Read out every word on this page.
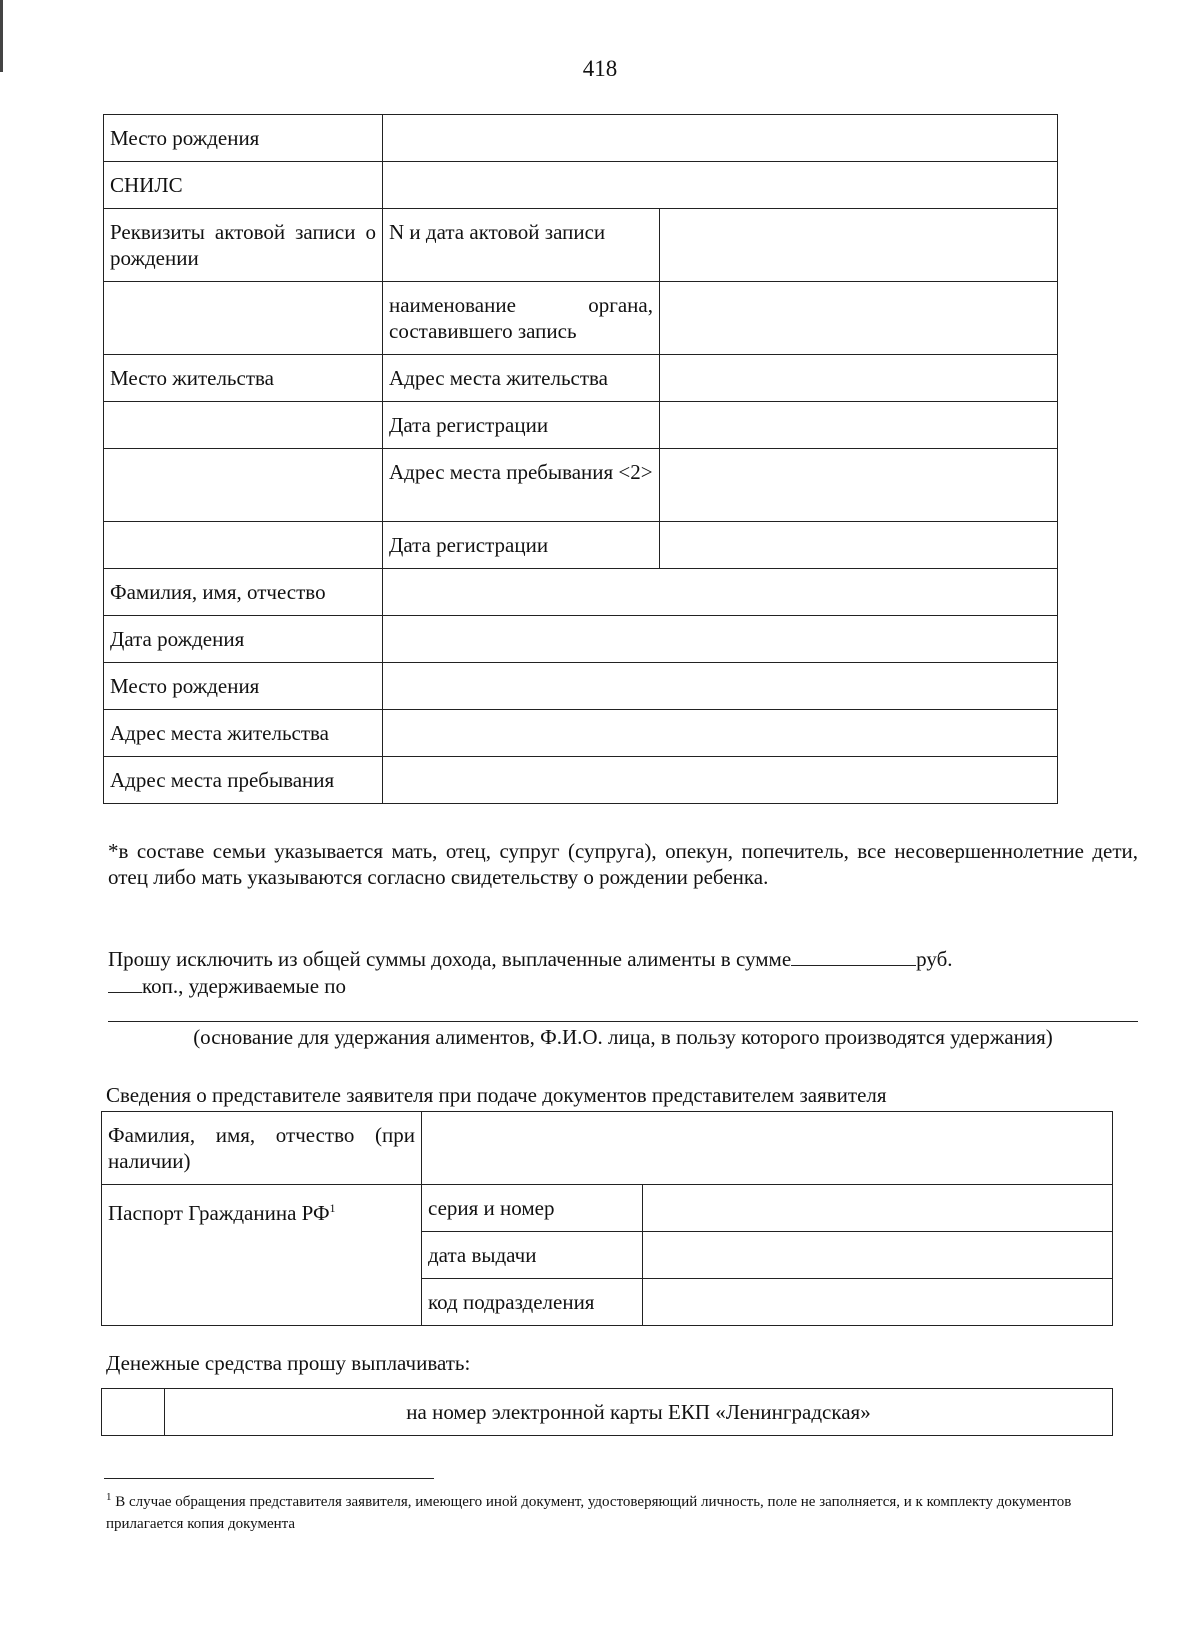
418
Место рождения		
СНИЛС		

Реквизиты актовой записи о рождении	N и дата актовой записи	

	наименование органа, составившего запись	

Место жительства	Адрес места жительства	
	Дата регистрации	
	Адрес места пребывания <2>	
	Дата регистрации	
Фамилия, имя, отчество		
Дата рождения		
Место рождения		
Адрес места жительства		
Адрес места пребывания		
*в составе семьи указывается мать, отец, супруг (супруга), опекун, попечитель, все несовершеннолетние дети, отец либо мать указываются согласно свидетельству о рождении ребенка.
Прошу исключить из общей суммы дохода, выплаченные алименты в сумме	руб.
коп., удерживаемые по
(основание для удержания алиментов, Ф.И.О. лица, в пользу которого производятся удержания)
Сведения о представителе заявителя при подаче документов представителем заявителя
Фамилия, имя, отчество (при наличии)		

Паспорт Гражданина $РФ^1$	серия и номер	
	дата выдачи	
	код подразделения	
Денежные средства прошу выплачивать:
	на номер электронной карты ЕКП «Ленинградская»
$^1$ В случае обращения представителя заявителя, имеющего иной документ, удостоверяющий личность, поле не заполняется, и к комплекту документов прилагается копия документа
